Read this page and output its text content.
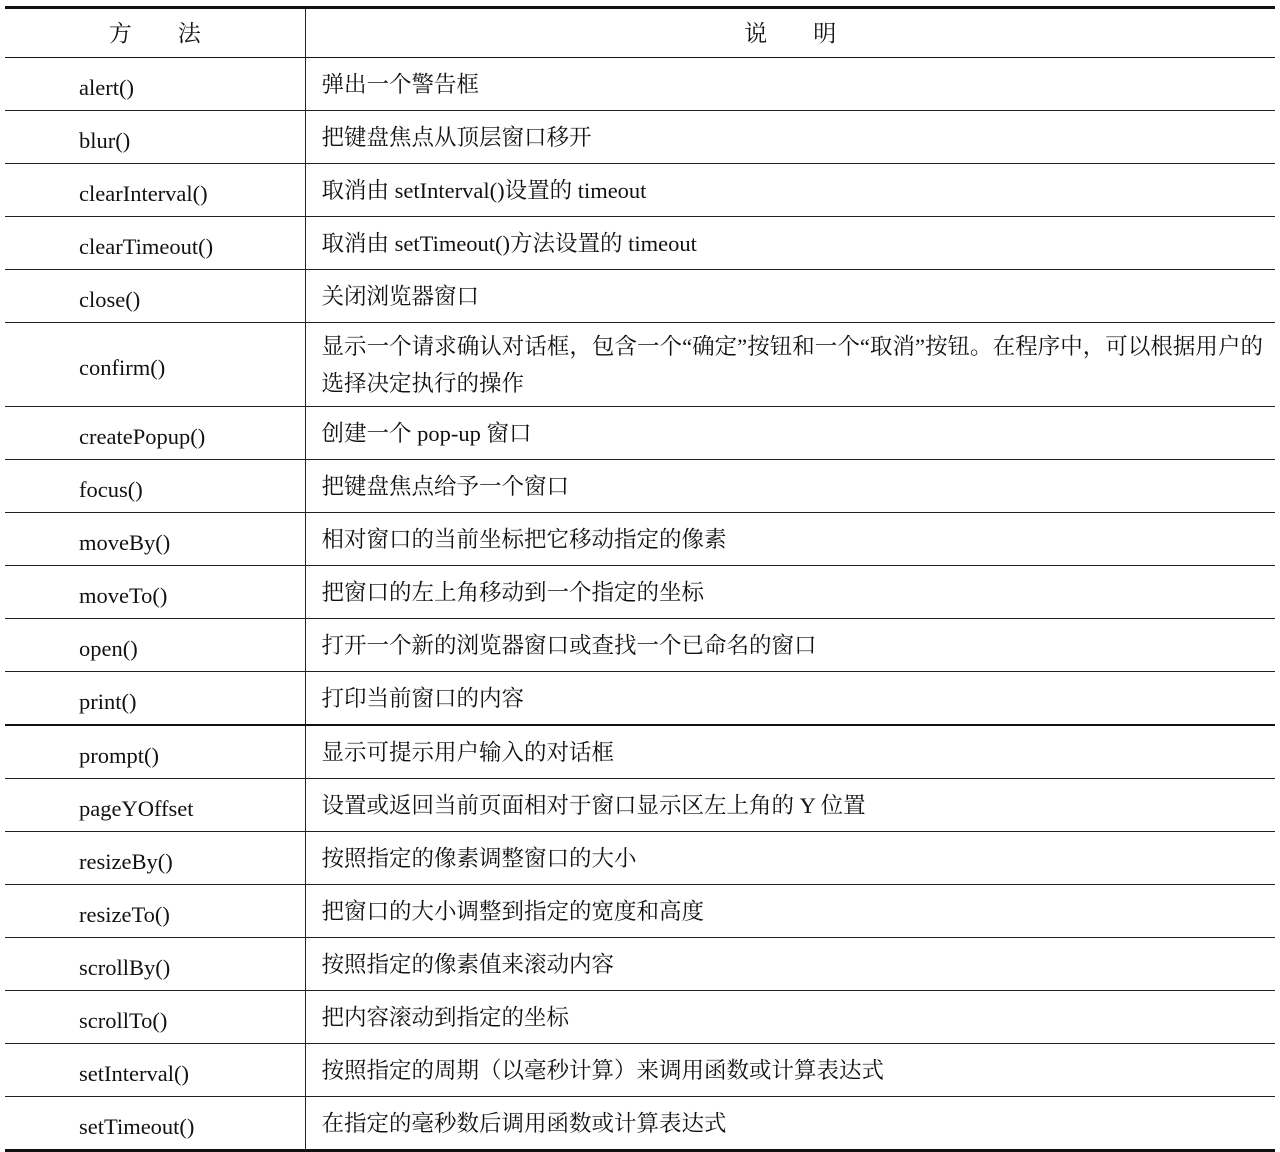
方　　法	说　　明
alert()	弹出一个警告框
blur()	把键盘焦点从顶层窗口移开
clearInterval()	取消由 setInterval()设置的 timeout
clearTimeout()	取消由 setTimeout()方法设置的 timeout
close()	关闭浏览器窗口
confirm()	显示一个请求确认对话框，包含一个“确定”按钮和一个“取消”按钮。在程序中，可以根据用户的选择决定执行的操作
createPopup()	创建一个 pop-up 窗口
focus()	把键盘焦点给予一个窗口
moveBy()	相对窗口的当前坐标把它移动指定的像素
moveTo()	把窗口的左上角移动到一个指定的坐标
open()	打开一个新的浏览器窗口或查找一个已命名的窗口
print()	打印当前窗口的内容
prompt()	显示可提示用户输入的对话框
pageYOffset	设置或返回当前页面相对于窗口显示区左上角的 Y 位置
resizeBy()	按照指定的像素调整窗口的大小
resizeTo()	把窗口的大小调整到指定的宽度和高度
scrollBy()	按照指定的像素值来滚动内容
scrollTo()	把内容滚动到指定的坐标
setInterval()	按照指定的周期（以毫秒计算）来调用函数或计算表达式
setTimeout()	在指定的毫秒数后调用函数或计算表达式
